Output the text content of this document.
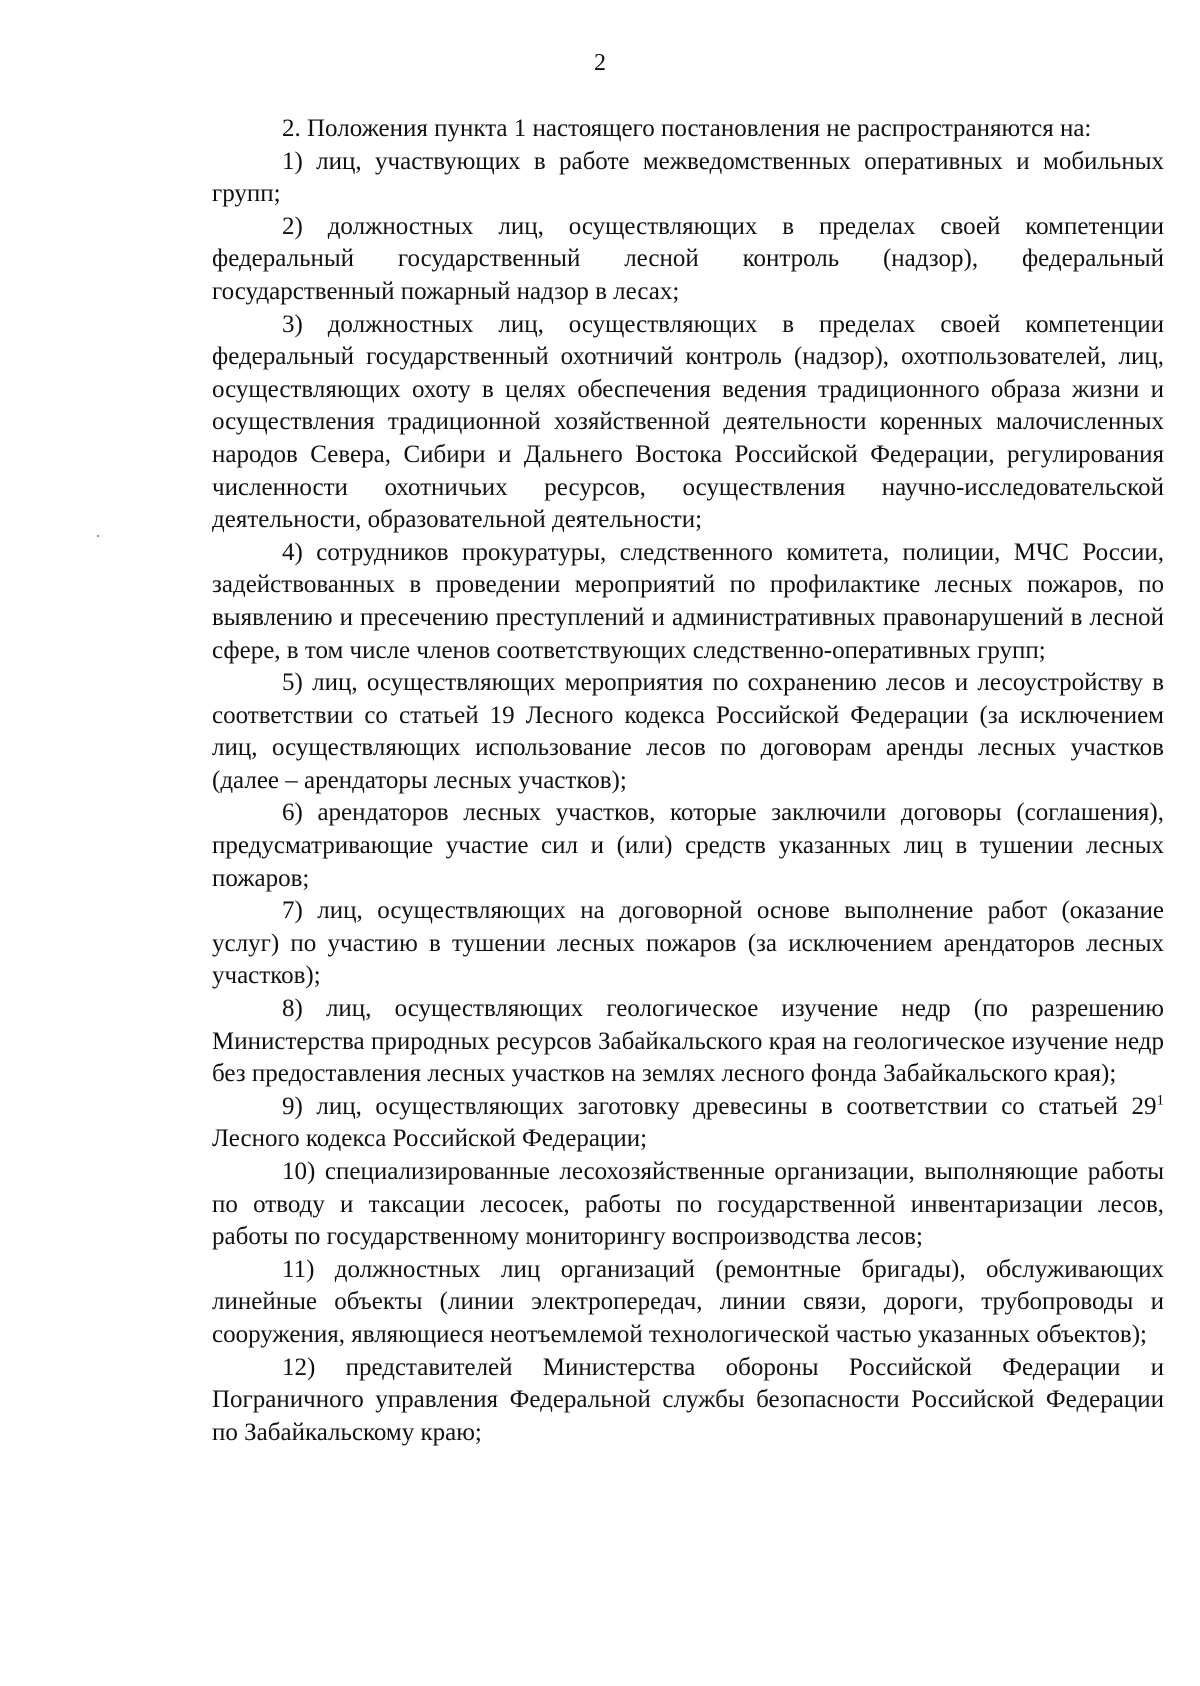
2

2. Положения пункта 1 настоящего постановления не распространяются на:

1) лиц, участвующих в работе межведомственных оперативных и мобильных групп;

2) должностных лиц, осуществляющих в пределах своей компетенции федеральный государственный лесной контроль (надзор), федеральный государственный пожарный надзор в лесах;

3) должностных лиц, осуществляющих в пределах своей компетенции федеральный государственный охотничий контроль (надзор), охотпользователей, лиц, осуществляющих охоту в целях обеспечения ведения традиционного образа жизни и осуществления традиционной хозяйственной деятельности коренных малочисленных народов Севера, Сибири и Дальнего Востока Российской Федерации, регулирования численности охотничьих ресурсов, осуществления научно-исследовательской деятельности, образовательной деятельности;

4) сотрудников прокуратуры, следственного комитета, полиции, МЧС России, задействованных в проведении мероприятий по профилактике лесных пожаров, по выявлению и пресечению преступлений и административных правонарушений в лесной сфере, в том числе членов соответствующих следственно-оперативных групп;

5) лиц, осуществляющих мероприятия по сохранению лесов и лесоустройству в соответствии со статьей 19 Лесного кодекса Российской Федерации (за исключением лиц, осуществляющих использование лесов по договорам аренды лесных участков (далее – арендаторы лесных участков);

6) арендаторов лесных участков, которые заключили договоры (соглашения), предусматривающие участие сил и (или) средств указанных лиц в тушении лесных пожаров;

7) лиц, осуществляющих на договорной основе выполнение работ (оказание услуг) по участию в тушении лесных пожаров (за исключением арендаторов лесных участков);

8) лиц, осуществляющих геологическое изучение недр (по разрешению Министерства природных ресурсов Забайкальского края на геологическое изучение недр без предоставления лесных участков на землях лесного фонда Забайкальского края);

9) лиц, осуществляющих заготовку древесины в соответствии со статьей $29^1$ Лесного кодекса Российской Федерации;

10) специализированные лесохозяйственные организации, выполняющие работы по отводу и таксации лесосек, работы по государственной инвентаризации лесов, работы по государственному мониторингу воспроизводства лесов;

11) должностных лиц организаций (ремонтные бригады), обслуживающих линейные объекты (линии электропередач, линии связи, дороги, трубопроводы и сооружения, являющиеся неотъемлемой технологической частью указанных объектов);

12) представителей Министерства обороны Российской Федерации и Пограничного управления Федеральной службы безопасности Российской Федерации по Забайкальскому краю;
